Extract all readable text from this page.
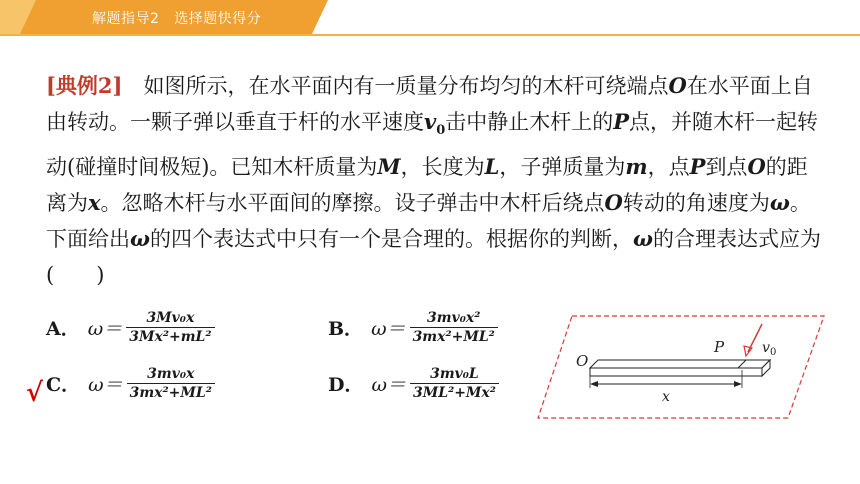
解题指导2   选择题快得分
[典例2]　如图所示，在水平面内有一质量分布均匀的木杆可绕端点O在水平面上自由转动。一颗子弹以垂直于杆的水平速度$v_0$击中静止木杆上的P点，并随木杆一起转动(碰撞时间极短)。已知木杆质量为M，长度为L，子弹质量为m，点P到点O的距离为x。忽略木杆与水平面间的摩擦。设子弹击中木杆后绕点O转动的角速度为ω。下面给出ω的四个表达式中只有一个是合理的。根据你的判断，ω的合理表达式应为(　　)
A． $\omega= \frac{\text{3Mv₀x}}{\text{3Mx²+mL²}}$	B． $\omega= \frac{\text{3mv₀x²}}{\text{3mx²+ML²}}$
C． $\omega= \frac{\text{3mv₀x}}{\text{3mx²+ML²}}$	D． $\omega= \frac{\text{3mv₀L}}{\text{3ML²+Mx²}}$
√
O
P	v 0
x
